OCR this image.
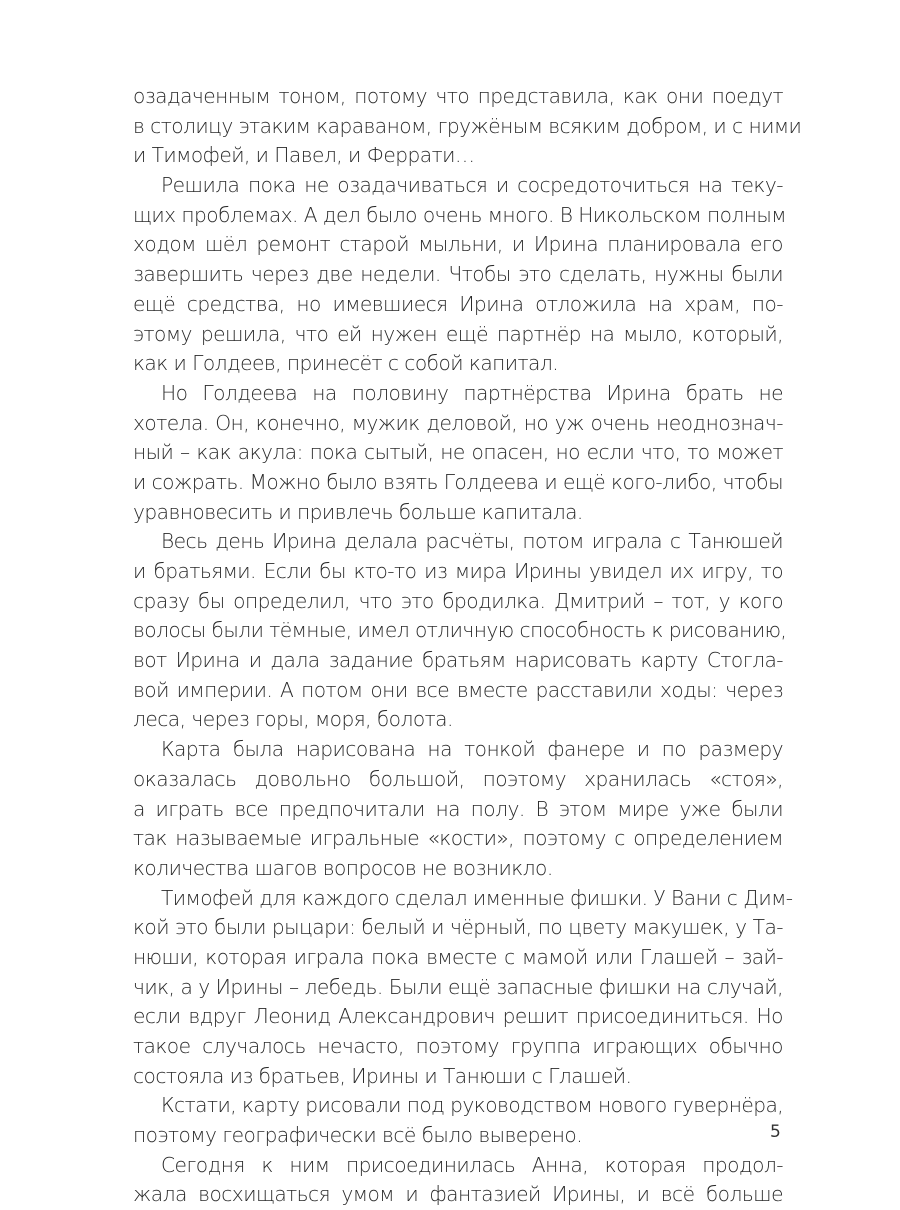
озадаченным тоном, потому что представила, как они поедут
в столицу этаким караваном, гружёным всяким добром, и с ними
и Тимофей, и Павел, и Феррати…
Решила пока не озадачиваться и сосредоточиться на теку-
щих проблемах. А дел было очень много. В Никольском полным
ходом шёл ремонт старой мыльни, и Ирина планировала его
завершить через две недели. Чтобы это сделать, нужны были
ещё средства, но имевшиеся Ирина отложила на храм, по-
этому решила, что ей нужен ещё партнёр на мыло, который,
как и Голдеев, принесёт с собой капитал.
Но Голдеева на половину партнёрства Ирина брать не
хотела. Он, конечно, мужик деловой, но уж очень неоднознач-
ный – как акула: пока сытый, не опасен, но если что, то может
и сожрать. Можно было взять Голдеева и ещё кого-либо, чтобы
уравновесить и привлечь больше капитала.
Весь день Ирина делала расчёты, потом играла с Танюшей
и братьями. Если бы кто-то из мира Ирины увидел их игру, то
сразу бы определил, что это бродилка. Дмитрий – тот, у кого
волосы были тёмные, имел отличную способность к рисованию,
вот Ирина и дала задание братьям нарисовать карту Стогла-
вой империи. А потом они все вместе расставили ходы: через
леса, через горы, моря, болота.
Карта была нарисована на тонкой фанере и по размеру
оказалась довольно большой, поэтому хранилась «стоя»,
а играть все предпочитали на полу. В этом мире уже были
так называемые игральные «кости», поэтому с определением
количества шагов вопросов не возникло.
Тимофей для каждого сделал именные фишки. У Вани с Дим-
кой это были рыцари: белый и чёрный, по цвету макушек, у Та-
нюши, которая играла пока вместе с мамой или Глашей – зай-
чик, а у Ирины – лебедь. Были ещё запасные фишки на случай,
если вдруг Леонид Александрович решит присоединиться. Но
такое случалось нечасто, поэтому группа играющих обычно
состояла из братьев, Ирины и Танюши с Глашей.
Кстати, карту рисовали под руководством нового гувернёра,
поэтому географически всё было выверено.
Сегодня к ним присоединилась Анна, которая продол-
жала восхищаться умом и фантазией Ирины, и всё больше
5
